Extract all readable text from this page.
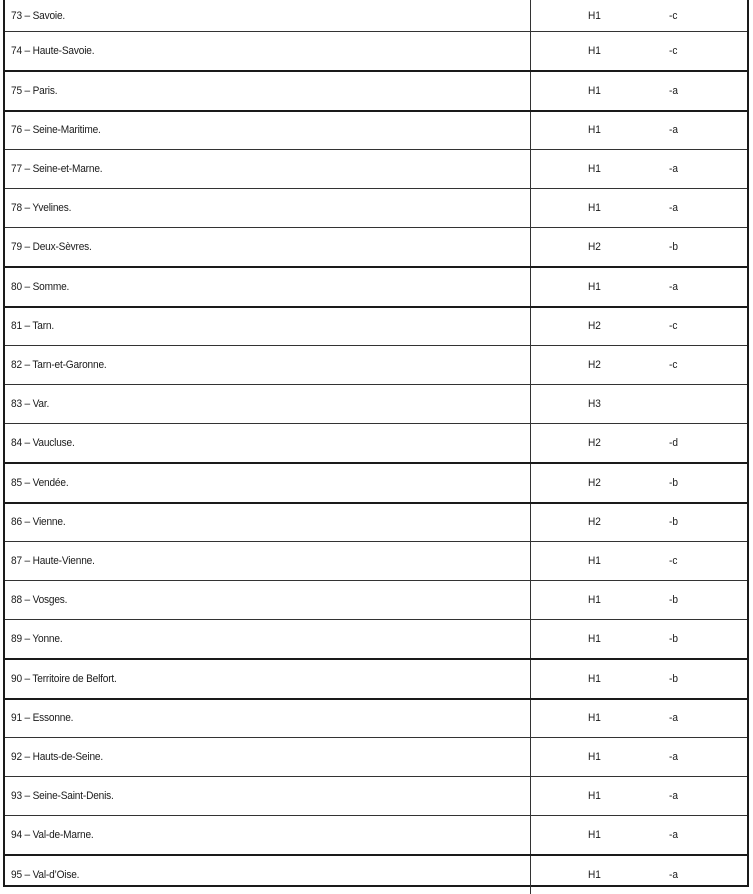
73 – Savoie.	H1	-c
74 – Haute-Savoie.	H1	-c
75 – Paris.	H1	-a
76 – Seine-Maritime.	H1	-a
77 – Seine-et-Marne.	H1	-a
78 – Yvelines.	H1	-a
79 – Deux-Sèvres.	H2	-b
80 – Somme.	H1	-a
81 – Tarn.	H2	-c
82 – Tarn-et-Garonne.	H2	-c
83 – Var.	H3	
84 – Vaucluse.	H2	-d
85 – Vendée.	H2	-b
86 – Vienne.	H2	-b
87 – Haute-Vienne.	H1	-c
88 – Vosges.	H1	-b
89 – Yonne.	H1	-b
90 – Territoire de Belfort.	H1	-b
91 – Essonne.	H1	-a
92 – Hauts-de-Seine.	H1	-a
93 – Seine-Saint-Denis.	H1	-a
94 – Val-de-Marne.	H1	-a
95 – Val-d’Oise.	H1	-a
